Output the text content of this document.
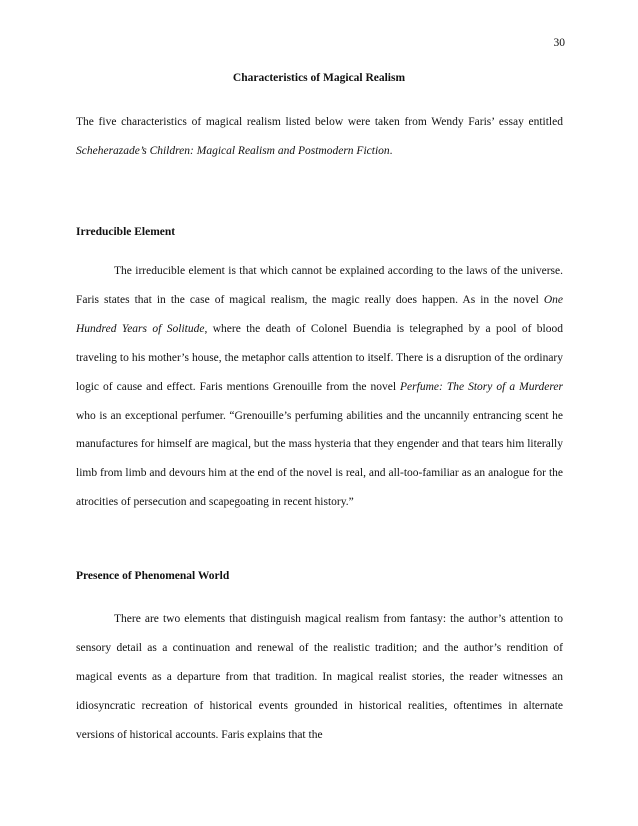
30
Characteristics of Magical Realism

The five characteristics of magical realism listed below were taken from Wendy Faris’ essay entitled Scheherazade’s Children: Magical Realism and Postmodern Fiction.

Irreducible Element

The irreducible element is that which cannot be explained according to the laws of the universe. Faris states that in the case of magical realism, the magic really does happen. As in the novel One Hundred Years of Solitude, where the death of Colonel Buendia is telegraphed by a pool of blood traveling to his mother’s house, the metaphor calls attention to itself. There is a disruption of the ordinary logic of cause and effect. Faris mentions Grenouille from the novel Perfume: The Story of a Murderer who is an exceptional perfumer. “Grenouille’s perfuming abilities and the uncannily entrancing scent he manufactures for himself are magical, but the mass hysteria that they engender and that tears him literally limb from limb and devours him at the end of the novel is real, and all-too-familiar as an analogue for the atrocities of persecution and scapegoating in recent history.”

Presence of Phenomenal World

There are two elements that distinguish magical realism from fantasy: the author’s attention to sensory detail as a continuation and renewal of the realistic tradition; and the author’s rendition of magical events as a departure from that tradition. In magical realist stories, the reader witnesses an idiosyncratic recreation of historical events grounded in historical realities, oftentimes in alternate versions of historical accounts. Faris explains that the
